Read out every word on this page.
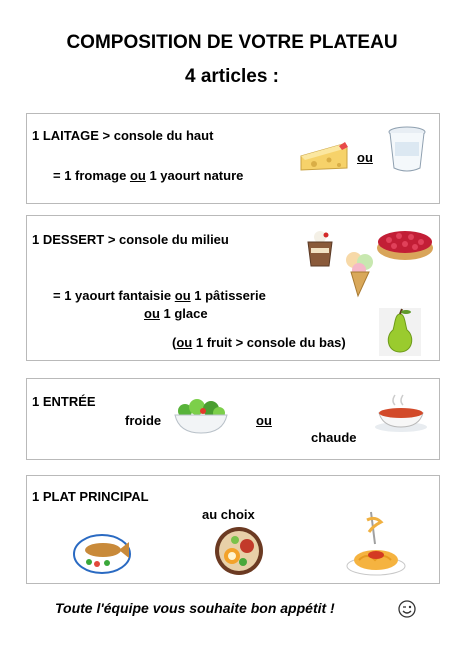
COMPOSITION DE VOTRE PLATEAU
4 articles :
1 LAITAGE > console du haut
= 1 fromage ou 1 yaourt nature
ou
1 DESSERT > console du milieu
= 1 yaourt fantaisie ou 1 pâtisserie
ou 1 glace
(ou 1 fruit > console du bas)
1 ENTRÉE
froide	ou
chaude
1 PLAT PRINCIPAL
au choix
Toute l'équipe vous souhaite bon appétit !
